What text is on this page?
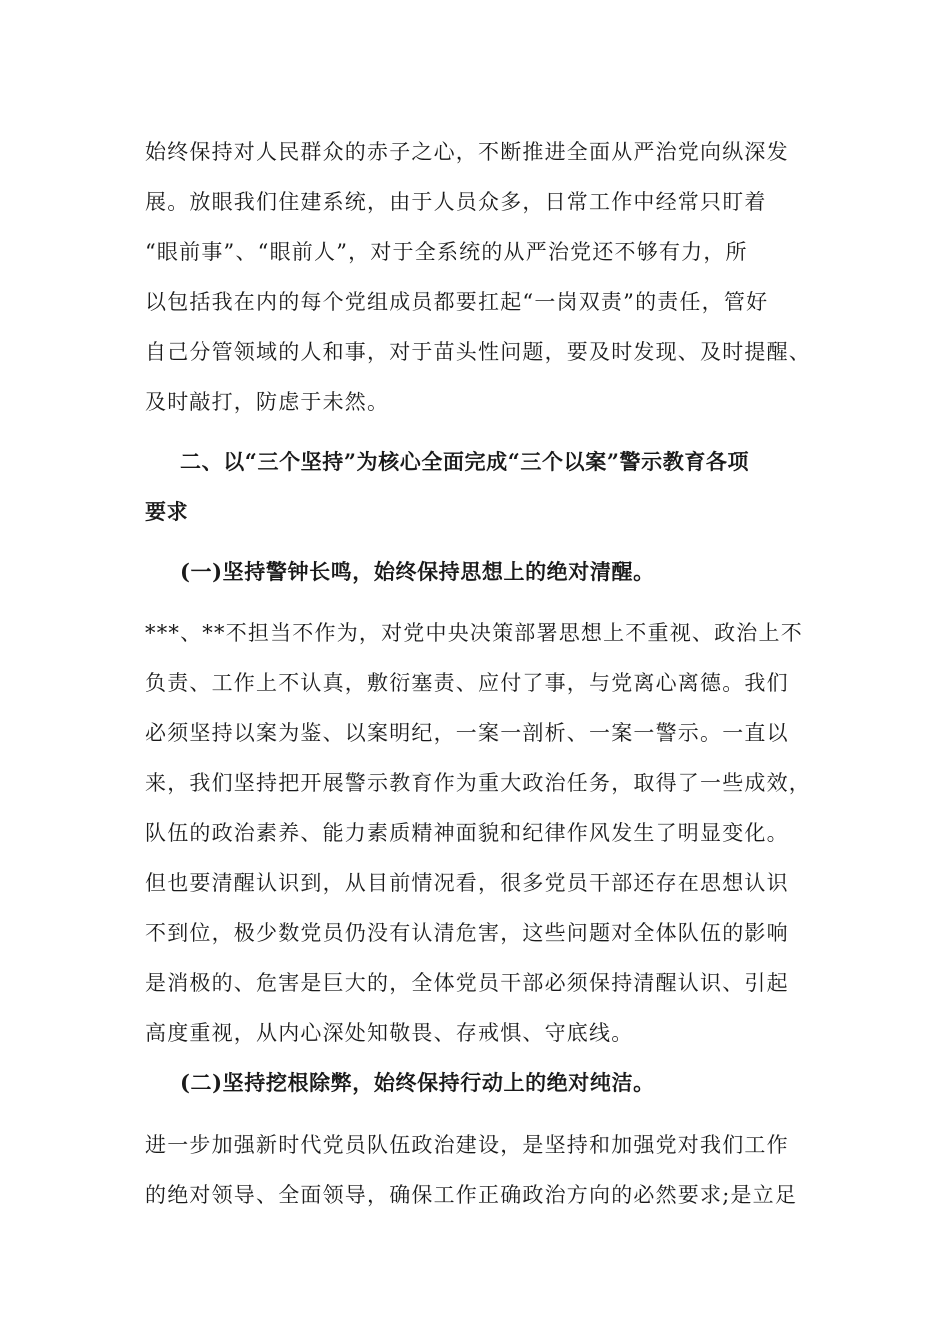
始终保持对人民群众的赤子之心，不断推进全面从严治党向纵深发
展。放眼我们住建系统，由于人员众多，日常工作中经常只盯着
“眼前事”、“眼前人”，对于全系统的从严治党还不够有力，所
以包括我在内的每个党组成员都要扛起“一岗双责”的责任，管好
自己分管领域的人和事，对于苗头性问题，要及时发现、及时提醒、
及时敲打，防虑于未然。
二、以“三个坚持”为核心全面完成“三个以案”警示教育各项
要求
(一)坚持警钟长鸣，始终保持思想上的绝对清醒。
***、**不担当不作为，对党中央决策部署思想上不重视、政治上不
负责、工作上不认真，敷衍塞责、应付了事，与党离心离德。我们
必须坚持以案为鉴、以案明纪，一案一剖析、一案一警示。一直以
来，我们坚持把开展警示教育作为重大政治任务，取得了一些成效，
队伍的政治素养、能力素质精神面貌和纪律作风发生了明显变化。
但也要清醒认识到，从目前情况看，很多党员干部还存在思想认识
不到位，极少数党员仍没有认清危害，这些问题对全体队伍的影响
是消极的、危害是巨大的，全体党员干部必须保持清醒认识、引起
高度重视，从内心深处知敬畏、存戒惧、守底线。
(二)坚持挖根除弊，始终保持行动上的绝对纯洁。
进一步加强新时代党员队伍政治建设，是坚持和加强党对我们工作
的绝对领导、全面领导，确保工作正确政治方向的必然要求;是立足
